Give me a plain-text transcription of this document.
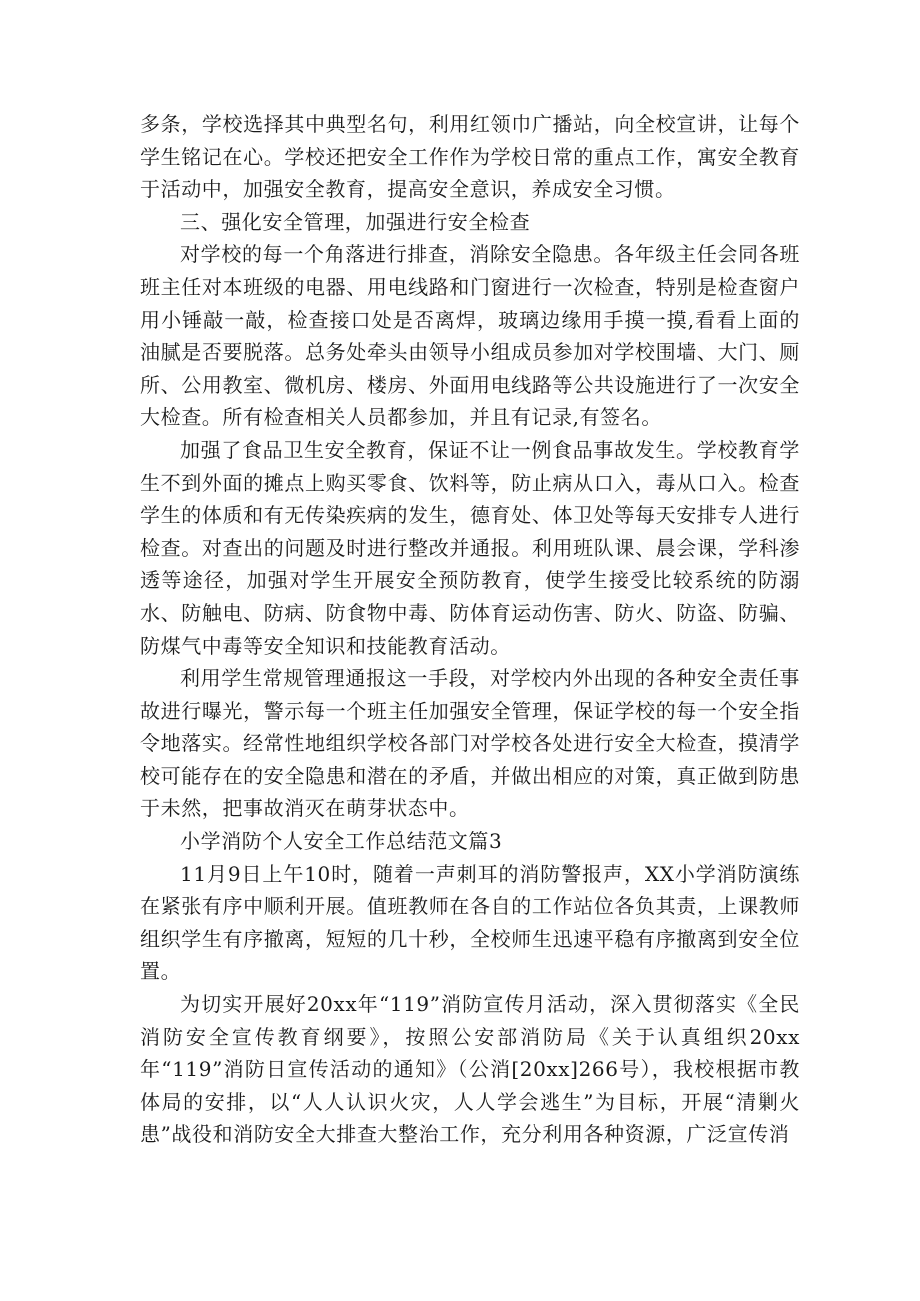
多条，学校选择其中典型名句，利用红领巾广播站，向全校宣讲，让每个学生铭记在心。学校还把安全工作作为学校日常的重点工作，寓安全教育于活动中，加强安全教育，提高安全意识，养成安全习惯。

三、强化安全管理，加强进行安全检查

对学校的每一个角落进行排查，消除安全隐患。各年级主任会同各班班主任对本班级的电器、用电线路和门窗进行一次检查，特别是检查窗户用小锤敲一敲，检查接口处是否离焊，玻璃边缘用手摸一摸,看看上面的油腻是否要脱落。总务处牵头由领导小组成员参加对学校围墙、大门、厕所、公用教室、微机房、楼房、外面用电线路等公共设施进行了一次安全大检查。所有检查相关人员都参加，并且有记录,有签名。

加强了食品卫生安全教育，保证不让一例食品事故发生。学校教育学生不到外面的摊点上购买零食、饮料等，防止病从口入，毒从口入。检查学生的体质和有无传染疾病的发生，德育处、体卫处等每天安排专人进行检查。对查出的问题及时进行整改并通报。利用班队课、晨会课，学科渗透等途径，加强对学生开展安全预防教育，使学生接受比较系统的防溺水、防触电、防病、防食物中毒、防体育运动伤害、防火、防盗、防骗、防煤气中毒等安全知识和技能教育活动。

利用学生常规管理通报这一手段，对学校内外出现的各种安全责任事故进行曝光，警示每一个班主任加强安全管理，保证学校的每一个安全指令地落实。经常性地组织学校各部门对学校各处进行安全大检查，摸清学校可能存在的安全隐患和潜在的矛盾，并做出相应的对策，真正做到防患于未然，把事故消灭在萌芽状态中。

小学消防个人安全工作总结范文篇3

11月9日上午10时，随着一声刺耳的消防警报声，XX小学消防演练在紧张有序中顺利开展。值班教师在各自的工作站位各负其责，上课教师组织学生有序撤离，短短的几十秒，全校师生迅速平稳有序撤离到安全位置。

为切实开展好20xx年“119”消防宣传月活动，深入贯彻落实《全民消防安全宣传教育纲要》，按照公安部消防局《关于认真组织20xx年“119”消防日宣传活动的通知》（公消[20xx]266号），我校根据市教体局的安排，以“人人认识火灾，人人学会逃生”为目标，开展“清剿火患”战役和消防安全大排查大整治工作，充分利用各种资源，广泛宣传消
